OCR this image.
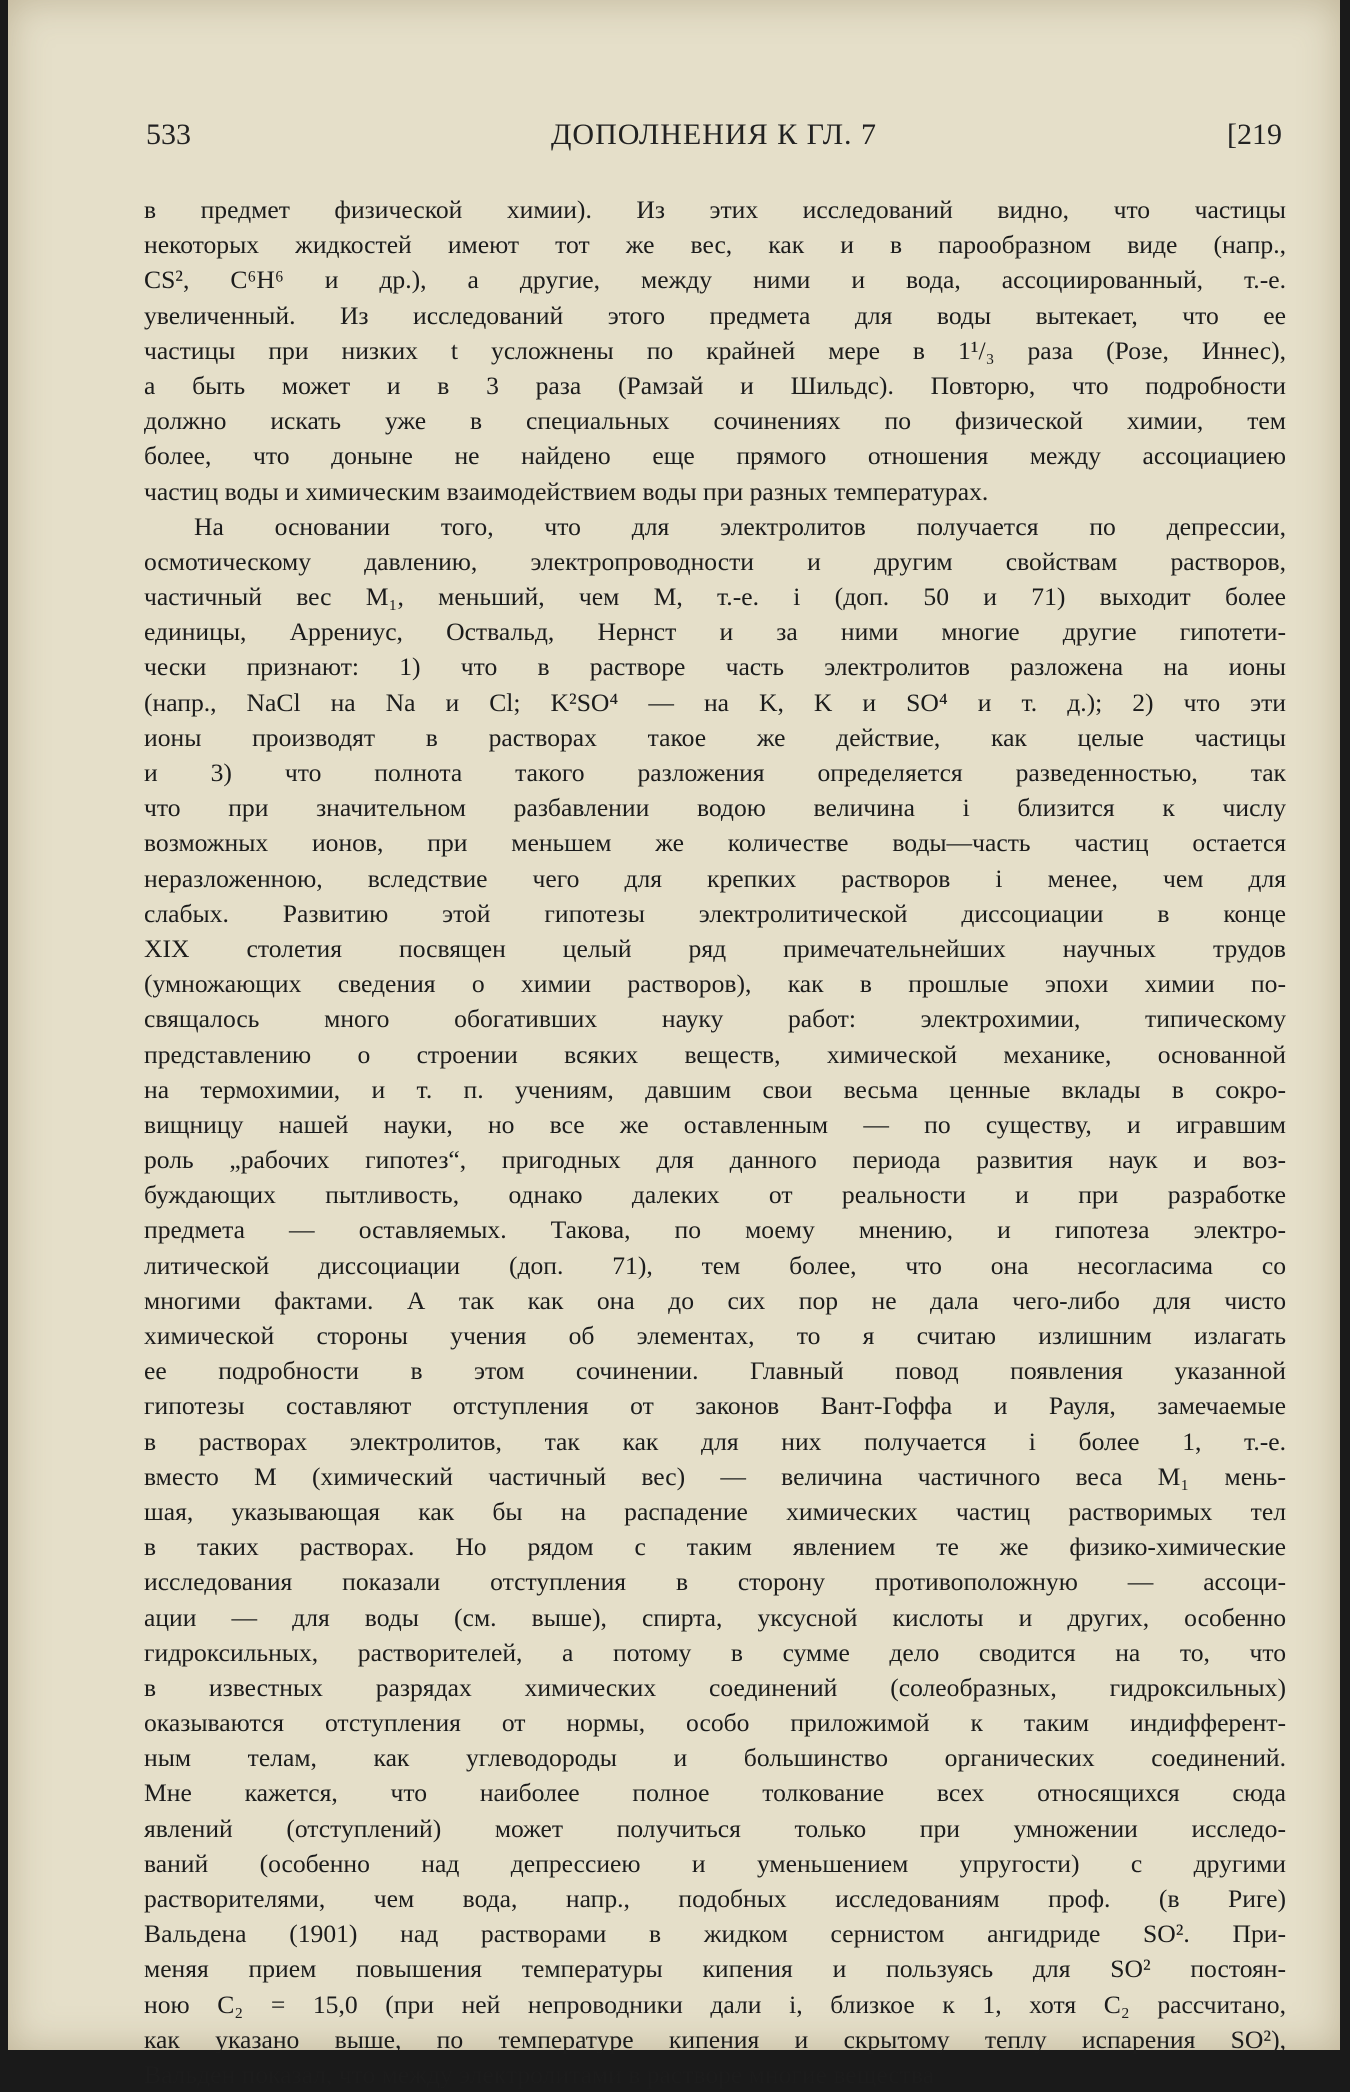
533	ДОПОЛНЕНИЯ К ГЛ. 7	[219
в предмет физической химии). Из этих исследований видно, что частицы
некоторых жидкостей имеют тот же вес, как и в парообразном виде (напр.,
CS², C⁶H⁶ и др.), а другие, между ними и вода, ассоциированный, т.-е.
увеличенный. Из исследований этого предмета для воды вытекает, что ее
частицы при низких t усложнены по крайней мере в 1¹/₃ раза (Розе, Иннес),
а быть может и в 3 раза (Рамзай и Шильдс). Повторю, что подробности
должно искать уже в специальных сочинениях по физической химии, тем
более, что доныне не найдено еще прямого отношения между ассоциациею
частиц воды и химическим взаимодействием воды при разных температурах.
На основании того, что для электролитов получается по депрессии,
осмотическому давлению, электропроводности и другим свойствам растворов,
частичный вес M₁, меньший, чем M, т.-е. i (доп. 50 и 71) выходит более
единицы, Аррениус, Оствальд, Нернст и за ними многие другие гипотети-
чески признают: 1) что в растворе часть электролитов разложена на ионы
(напр., NaCl на Na и Cl; K²SO⁴ — на K, K и SO⁴ и т. д.); 2) что эти
ионы производят в растворах такое же действие, как целые частицы
и 3) что полнота такого разложения определяется разведенностью, так
что при значительном разбавлении водою величина i близится к числу
возможных ионов, при меньшем же количестве воды—часть частиц остается
неразложенною, вследствие чего для крепких растворов i менее, чем для
слабых. Развитию этой гипотезы электролитической диссоциации в конце
XIX столетия посвящен целый ряд примечательнейших научных трудов
(умножающих сведения о химии растворов), как в прошлые эпохи химии по-
свящалось много обогативших науку работ: электрохимии, типическому
представлению о строении всяких веществ, химической механике, основанной
на термохимии, и т. п. учениям, давшим свои весьма ценные вклады в сокро-
вищницу нашей науки, но все же оставленным — по существу, и игравшим
роль „рабочих гипотез“, пригодных для данного периода развития наук и воз-
буждающих пытливость, однако далеких от реальности и при разработке
предмета — оставляемых. Такова, по моему мнению, и гипотеза электро-
литической диссоциации (доп. 71), тем более, что она несогласима со
многими фактами. А так как она до сих пор не дала чего-либо для чисто
химической стороны учения об элементах, то я считаю излишним излагать
ее подробности в этом сочинении. Главный повод появления указанной
гипотезы составляют отступления от законов Вант-Гоффа и Рауля, замечаемые
в растворах электролитов, так как для них получается i более 1, т.-е.
вместо M (химический частичный вес) — величина частичного веса M₁ мень-
шая, указывающая как бы на распадение химических частиц растворимых тел
в таких растворах. Но рядом с таким явлением те же физико-химические
исследования показали отступления в сторону противоположную — ассоци-
ации — для воды (см. выше), спирта, уксусной кислоты и других, особенно
гидроксильных, растворителей, а потому в сумме дело сводится на то, что
в известных разрядах химических соединений (солеобразных, гидроксильных)
оказываются отступления от нормы, особо приложимой к таким индифферент-
ным телам, как углеводороды и большинство органических соединений.
Мне кажется, что наиболее полное толкование всех относящихся сюда
явлений (отступлений) может получиться только при умножении исследо-
ваний (особенно над депрессиею и уменьшением упругости) с другими
растворителями, чем вода, напр., подобных исследованиям проф. (в Риге)
Вальдена (1901) над растворами в жидком сернистом ангидриде SO². При-
меняя прием повышения температуры кипения и пользуясь для SO² постоян-
ною C₂ = 15,0 (при ней непроводники дали i, близкое к 1, хотя C₂ рассчитано,
как указано выше, по температуре кипения и скрытому теплу испарения SO²),
Вальден показал, что между электролитами в растворе многие вещества
